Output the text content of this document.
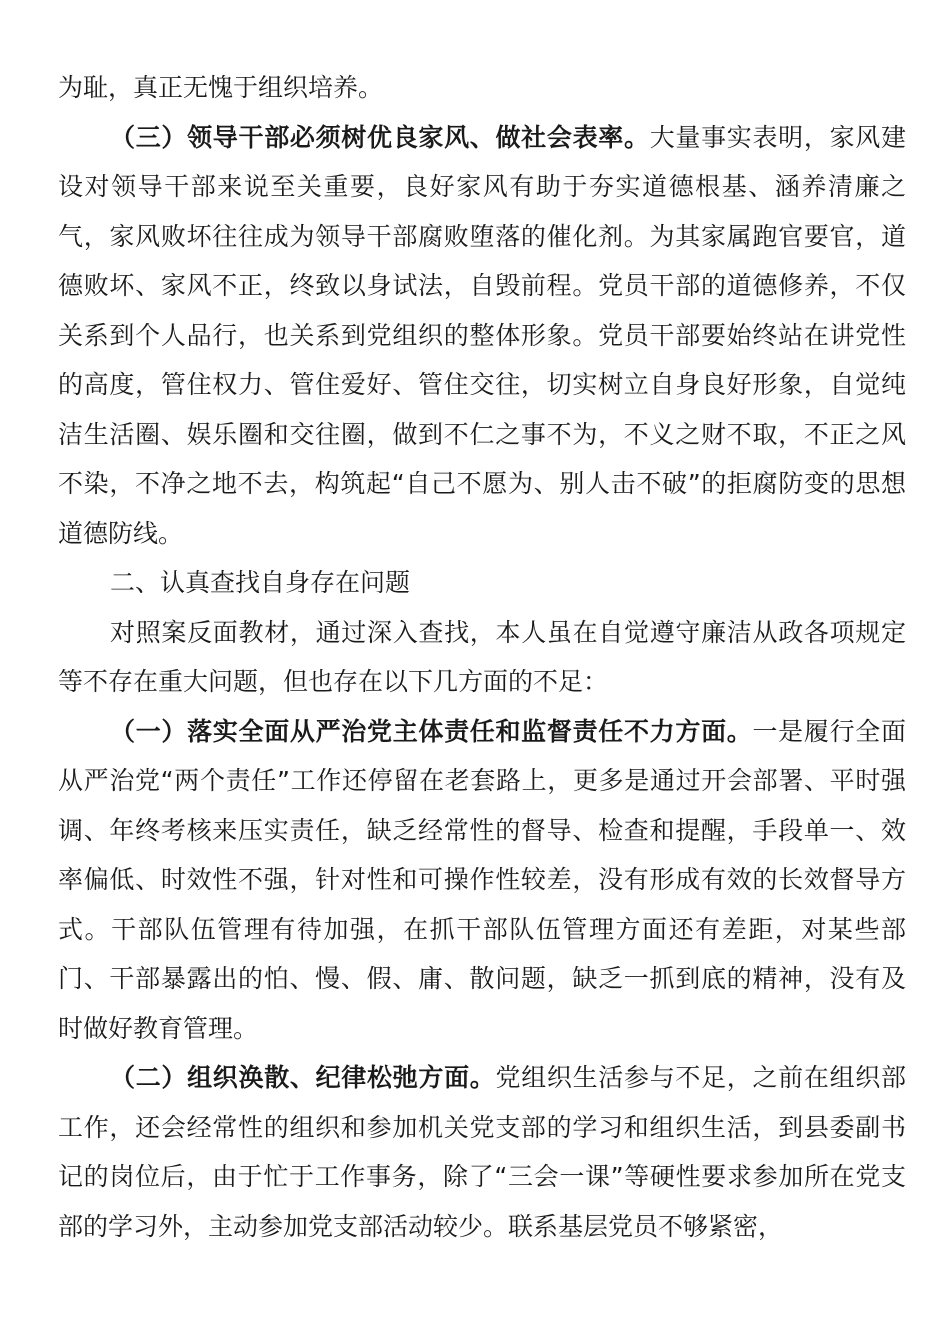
为耻，真正无愧于组织培养。

（三）领导干部必须树优良家风、做社会表率。大量事实表明，家风建设对领导干部来说至关重要，良好家风有助于夯实道德根基、涵养清廉之气，家风败坏往往成为领导干部腐败堕落的催化剂。为其家属跑官要官，道德败坏、家风不正，终致以身试法，自毁前程。党员干部的道德修养，不仅关系到个人品行，也关系到党组织的整体形象。党员干部要始终站在讲党性的高度，管住权力、管住爱好、管住交往，切实树立自身良好形象，自觉纯洁生活圈、娱乐圈和交往圈，做到不仁之事不为，不义之财不取，不正之风不染，不净之地不去，构筑起“自己不愿为、别人击不破”的拒腐防变的思想道德防线。

二、认真查找自身存在问题

对照案反面教材，通过深入查找，本人虽在自觉遵守廉洁从政各项规定等不存在重大问题，但也存在以下几方面的不足：

（一）落实全面从严治党主体责任和监督责任不力方面。一是履行全面从严治党“两个责任”工作还停留在老套路上，更多是通过开会部署、平时强调、年终考核来压实责任，缺乏经常性的督导、检查和提醒，手段单一、效率偏低、时效性不强，针对性和可操作性较差，没有形成有效的长效督导方式。干部队伍管理有待加强，在抓干部队伍管理方面还有差距，对某些部门、干部暴露出的怕、慢、假、庸、散问题，缺乏一抓到底的精神，没有及时做好教育管理。

（二）组织涣散、纪律松弛方面。党组织生活参与不足，之前在组织部工作，还会经常性的组织和参加机关党支部的学习和组织生活，到县委副书记的岗位后，由于忙于工作事务，除了“三会一课”等硬性要求参加所在党支部的学习外，主动参加党支部活动较少。联系基层党员不够紧密，
